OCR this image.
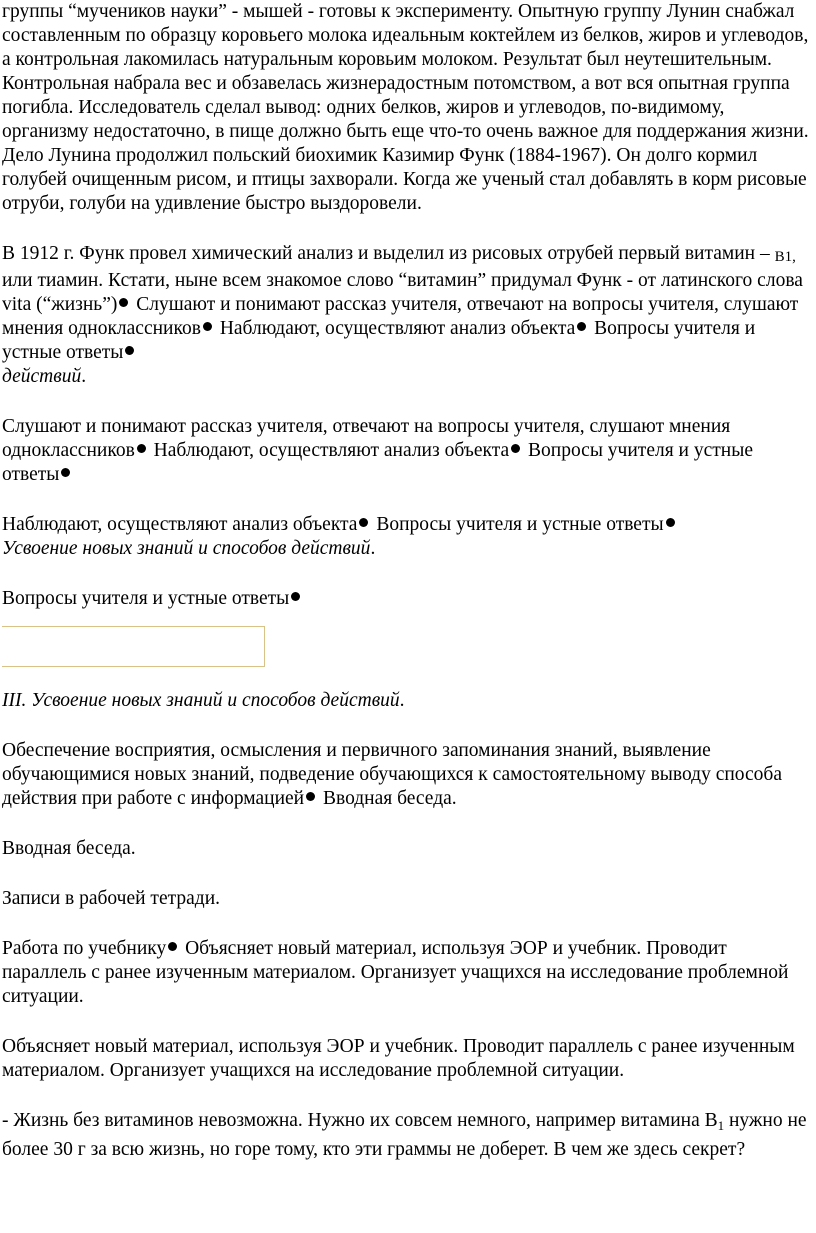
группы “мучеников науки” - мышей - готовы к эксперименту. Опытную группу Лунин снабжал составленным по образцу коровьего молока идеальным коктейлем из белков, жиров и углеводов, а контрольная лакомилась натуральным коровьим молоком. Результат был неутешительным. Контрольная набрала вес и обзавелась жизнерадостным потомством, а вот вся опытная группа погибла. Исследователь сделал вывод: одних белков, жиров и углеводов, по-видимому, организму недостаточно, в пище должно быть еще что-то очень важное для поддержания жизни. Дело Лунина продолжил польский биохимик Казимир Функ (1884-1967). Он долго кормил голубей очищенным рисом, и птицы захворали. Когда же ученый стал добавлять в корм рисовые отруби, голуби на удивление быстро выздоровели.

В 1912 г. Функ провел химический анализ и выделил из рисовых отрубей первый витамин – B1, или тиамин. Кстати, ныне всем знакомое слово “витамин” придумал Функ - от латинского слова vita (“жизнь”) Слушают и понимают рассказ учителя, отвечают на вопросы учителя, слушают мнения одноклассников Наблюдают, осуществляют анализ объекта Вопросы учителя и устные ответы
действий.

Слушают и понимают рассказ учителя, отвечают на вопросы учителя, слушают мнения одноклассников Наблюдают, осуществляют анализ объекта Вопросы учителя и устные ответы

Наблюдают, осуществляют анализ объекта Вопросы учителя и устные ответы
Усвоение новых знаний и способов действий.

Вопросы учителя и устные ответы

III. Усвоение новых знаний и способов действий.

Обеспечение восприятия, осмысления и первичного запоминания знаний, выявление обучающимися новых знаний, подведение обучающихся к самостоятельному выводу способа действия при работе с информацией Вводная беседа.

Вводная беседа.

Записи в рабочей тетради.

Работа по учебнику Объясняет новый материал, используя ЭОР и учебник. Проводит параллель с ранее изученным материалом. Организует учащихся на исследование проблемной ситуации.

Объясняет новый материал, используя ЭОР и учебник. Проводит параллель с ранее изученным материалом. Организует учащихся на исследование проблемной ситуации.

- Жизнь без витаминов невозможна. Нужно их совсем немного, например витамина $В_1$ нужно не более 30 г за всю жизнь, но горе тому, кто эти граммы не доберет. В чем же здесь секрет?
